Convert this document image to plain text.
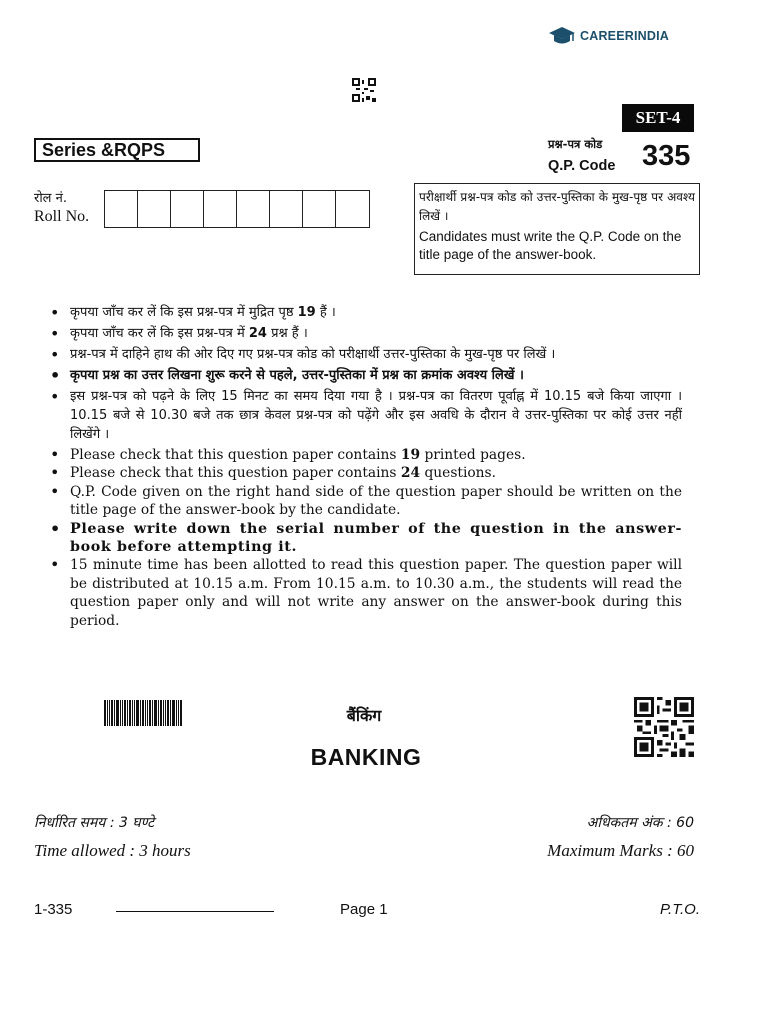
CAREERINDIA
SET-4
Series &RQPS	प्रश्न-पत्र कोड
Q.P. Code 335
रोल नं.
Roll No.
परीक्षार्थी प्रश्न-पत्र कोड को उत्तर-पुस्तिका के मुख-पृष्ठ पर अवश्य लिखें ।
Candidates must write the Q.P. Code on the title page of the answer-book.
• कृपया जाँच कर लें कि इस प्रश्न-पत्र में मुद्रित पृष्ठ 19 हैं ।
• कृपया जाँच कर लें कि इस प्रश्न-पत्र में 24 प्रश्न हैं ।
• प्रश्न-पत्र में दाहिने हाथ की ओर दिए गए प्रश्न-पत्र कोड को परीक्षार्थी उत्तर-पुस्तिका के मुख-पृष्ठ पर लिखें ।
• कृपया प्रश्न का उत्तर लिखना शुरू करने से पहले, उत्तर-पुस्तिका में प्रश्न का क्रमांक अवश्य लिखें ।
• इस प्रश्न-पत्र को पढ़ने के लिए 15 मिनट का समय दिया गया है । प्रश्न-पत्र का वितरण पूर्वाह्न में 10.15 बजे किया जाएगा । 10.15 बजे से 10.30 बजे तक छात्र केवल प्रश्न-पत्र को पढ़ेंगे और इस अवधि के दौरान वे उत्तर-पुस्तिका पर कोई उत्तर नहीं लिखेंगे ।
• Please check that this question paper contains 19 printed pages.
• Please check that this question paper contains 24 questions.
• Q.P. Code given on the right hand side of the question paper should be written on the title page of the answer-book by the candidate.
• Please write down the serial number of the question in the answer-book before attempting it.
• 15 minute time has been allotted to read this question paper. The question paper will be distributed at 10.15 a.m. From 10.15 a.m. to 10.30 a.m., the students will read the question paper only and will not write any answer on the answer-book during this period.
बैंकिंग
BANKING
निर्धारित समय : 3 घण्टे	अधिकतम अंक : 60
Time allowed : 3 hours	Maximum Marks : 60
1-335	Page 1	P.T.O.
